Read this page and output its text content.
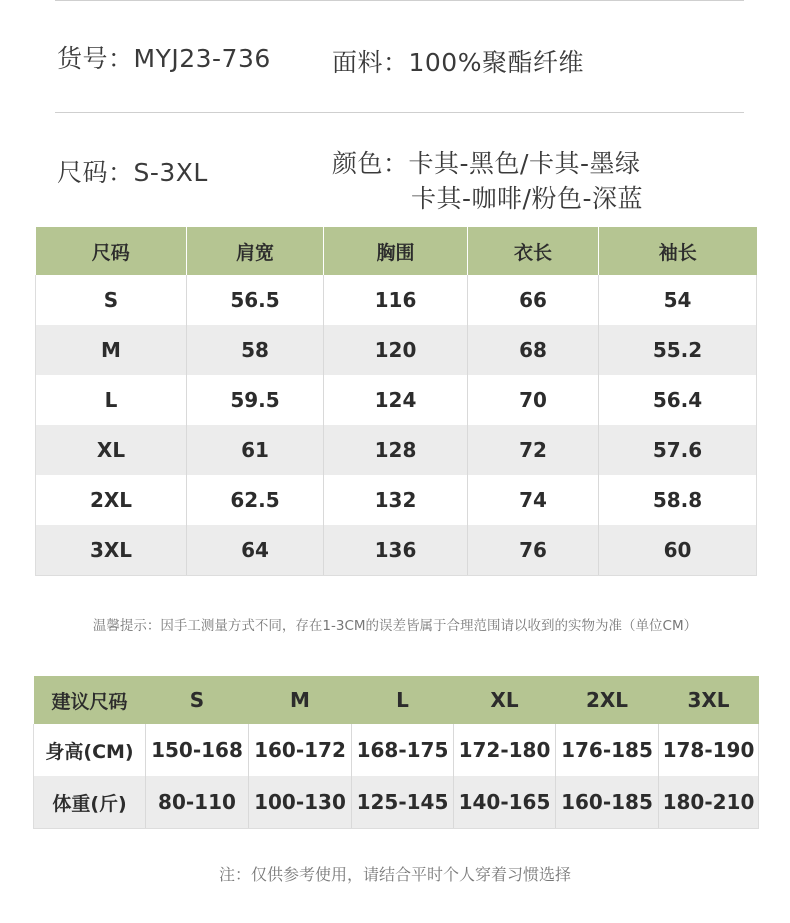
货号：MYJ23-736 面料：100%聚酯纤维
尺码：S-3XL	颜色：卡其-黑色/卡其-墨绿
卡其-咖啡/粉色-深蓝
尺码	肩宽	胸围	衣长	袖长
S	56.5	116	66	54
M	58	120	68	55.2
L	59.5	124	70	56.4
XL	61	128	72	57.6
2XL	62.5	132	74	58.8
3XL	64	136	76	60
温馨提示：因手工测量方式不同，存在1-3CM的误差皆属于合理范围请以收到的实物为准（单位CM）
建议尺码	S	M	L	XL	2XL	3XL
身高(CM)	150-168	160-172	168-175	172-180	176-185	178-190
体重(斤)	80-110	100-130	125-145	140-165	160-185	180-210
注：仅供参考使用，请结合平时个人穿着习惯选择
